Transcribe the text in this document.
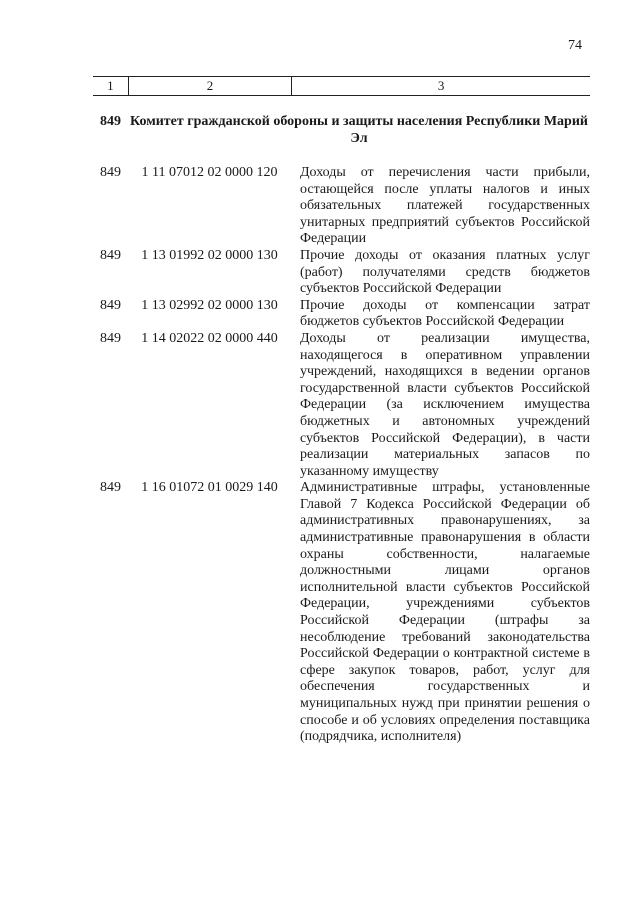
74
1	2	3
849 Комитет гражданской обороны и защиты населения Республики Марий Эл
849	1 11 07012 02 0000 120	Доходы от перечисления части прибыли, остающейся после уплаты налогов и иных обязательных платежей государственных унитарных предприятий субъектов Российской Федерации
849	1 13 01992 02 0000 130	Прочие доходы от оказания платных услуг (работ) получателями средств бюджетов субъектов Российской Федерации
849	1 13 02992 02 0000 130	Прочие доходы от компенсации затрат бюджетов субъектов Российской Федерации
849	1 14 02022 02 0000 440	Доходы от реализации имущества, находящегося в оперативном управлении учреждений, находящихся в ведении органов государственной власти субъектов Российской Федерации (за исключением имущества бюджетных и автономных учреждений субъектов Российской Федерации), в части реализации материальных запасов по указанному имуществу
849	1 16 01072 01 0029 140	Административные штрафы, установленные Главой 7 Кодекса Российской Федерации об административных правонарушениях, за административные правонарушения в области охраны собственности, налагаемые должностными лицами органов исполнительной власти субъектов Российской Федерации, учреждениями субъектов Российской Федерации (штрафы за несоблюдение требований законодательства Российской Федерации о контрактной системе в сфере закупок товаров, работ, услуг для обеспечения государственных и муниципальных нужд при принятии решения о способе и об условиях определения поставщика (подрядчика, исполнителя)
